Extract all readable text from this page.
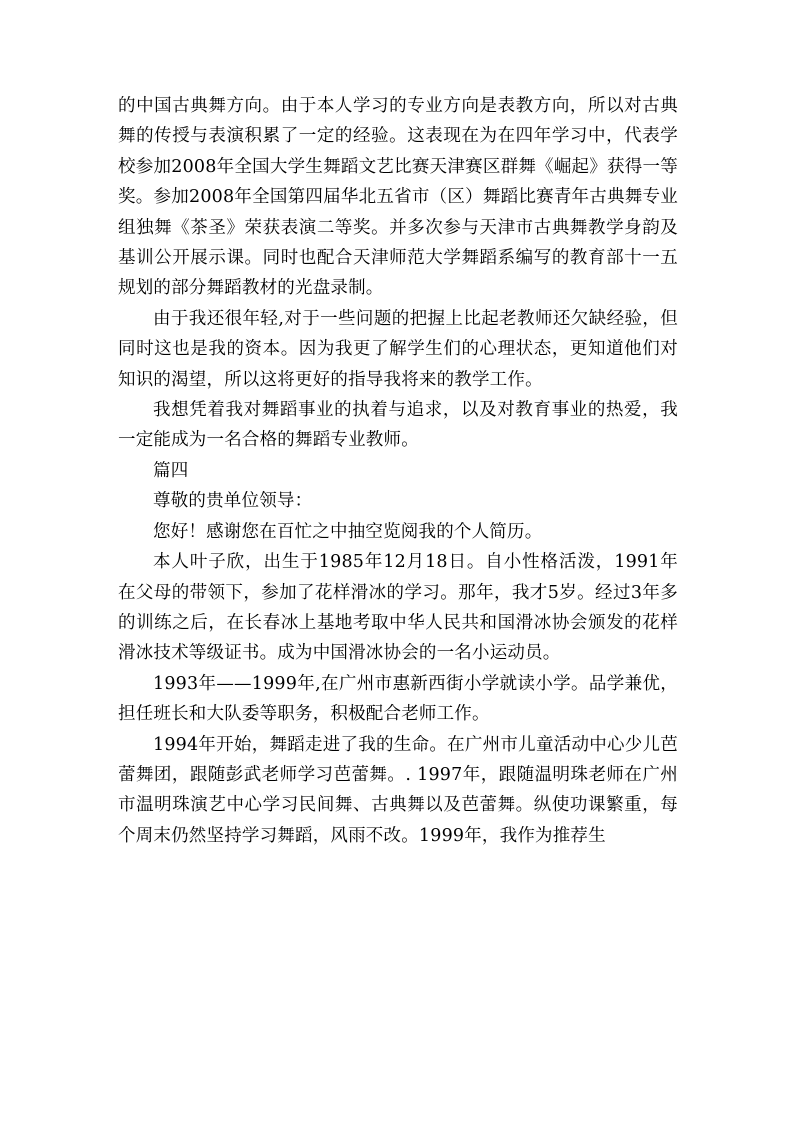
的中国古典舞方向。由于本人学习的专业方向是表教方向，所以对古典舞的传授与表演积累了一定的经验。这表现在为在四年学习中，代表学校参加2008年全国大学生舞蹈文艺比赛天津赛区群舞《崛起》获得一等奖。参加2008年全国第四届华北五省市（区）舞蹈比赛青年古典舞专业组独舞《茶圣》荣获表演二等奖。并多次参与天津市古典舞教学身韵及基训公开展示课。同时也配合天津师范大学舞蹈系编写的教育部十一五规划的部分舞蹈教材的光盘录制。

由于我还很年轻,对于一些问题的把握上比起老教师还欠缺经验，但同时这也是我的资本。因为我更了解学生们的心理状态，更知道他们对知识的渴望，所以这将更好的指导我将来的教学工作。

我想凭着我对舞蹈事业的执着与追求，以及对教育事业的热爱，我一定能成为一名合格的舞蹈专业教师。

篇四

尊敬的贵单位领导：

您好！感谢您在百忙之中抽空览阅我的个人简历。

本人叶子欣，出生于1985年12月18日。自小性格活泼，1991年在父母的带领下，参加了花样滑冰的学习。那年，我才5岁。经过3年多的训练之后，在长春冰上基地考取中华人民共和国滑冰协会颁发的花样滑冰技术等级证书。成为中国滑冰协会的一名小运动员。

1993年——1999年,在广州市惠新西街小学就读小学。品学兼优，担任班长和大队委等职务，积极配合老师工作。

1994年开始，舞蹈走进了我的生命。在广州市儿童活动中心少儿芭蕾舞团，跟随彭武老师学习芭蕾舞。. 1997年，跟随温明珠老师在广州市温明珠演艺中心学习民间舞、古典舞以及芭蕾舞。纵使功课繁重，每个周末仍然坚持学习舞蹈，风雨不改。1999年，我作为推荐生
